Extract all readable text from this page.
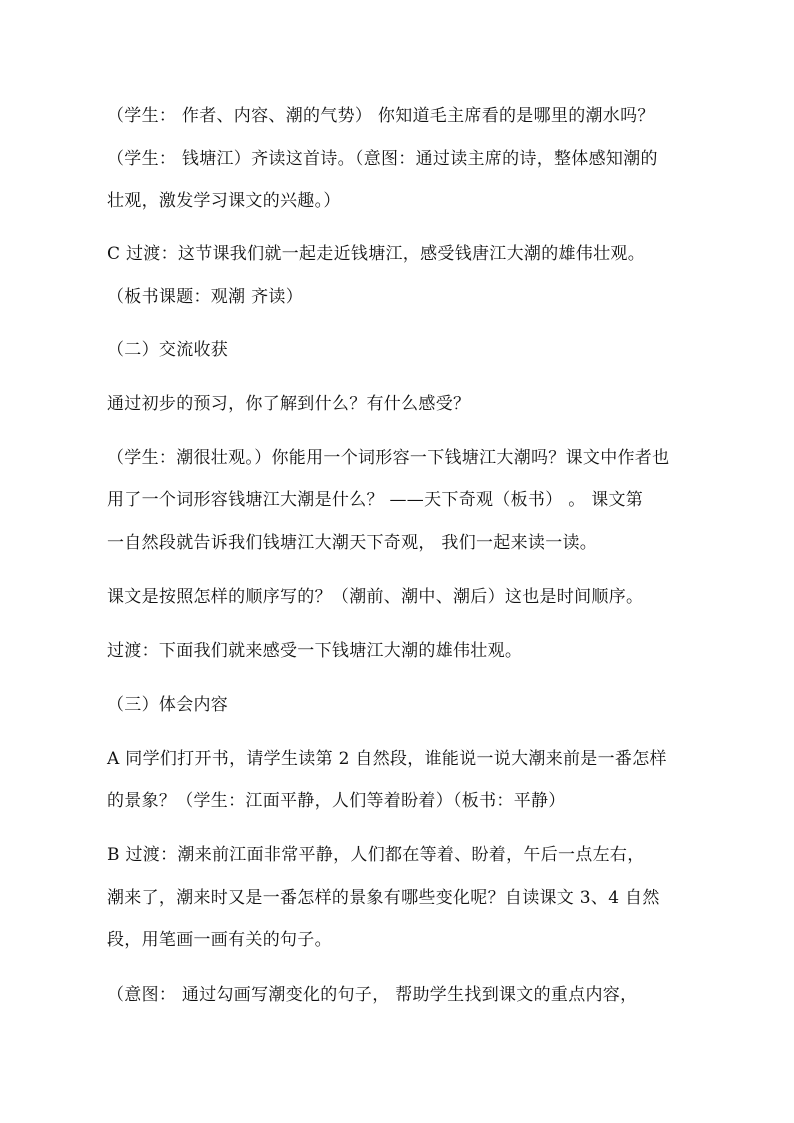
（学生： 作者、内容、潮的气势） 你知道毛主席看的是哪里的潮水吗？
（学生： 钱塘江）齐读这首诗。（意图：通过读主席的诗，整体感知潮的
壮观，激发学习课文的兴趣。）
C 过渡：这节课我们就一起走近钱塘江，感受钱唐江大潮的雄伟壮观。
（板书课题：观潮 齐读）
（二）交流收获
通过初步的预习，你了解到什么？有什么感受？
（学生：潮很壮观。）你能用一个词形容一下钱塘江大潮吗？课文中作者也
用了一个词形容钱塘江大潮是什么？ ——天下奇观（板书） 。 课文第
一自然段就告诉我们钱塘江大潮天下奇观， 我们一起来读一读。
课文是按照怎样的顺序写的？（潮前、潮中、潮后）这也是时间顺序。
过渡：下面我们就来感受一下钱塘江大潮的雄伟壮观。
（三）体会内容
A 同学们打开书，请学生读第 2 自然段，谁能说一说大潮来前是一番怎样
的景象？（学生：江面平静，人们等着盼着）（板书：平静）
B 过渡：潮来前江面非常平静，人们都在等着、盼着，午后一点左右，
潮来了，潮来时又是一番怎样的景象有哪些变化呢？自读课文 3、4 自然
段，用笔画一画有关的句子。
（意图： 通过勾画写潮变化的句子， 帮助学生找到课文的重点内容，
